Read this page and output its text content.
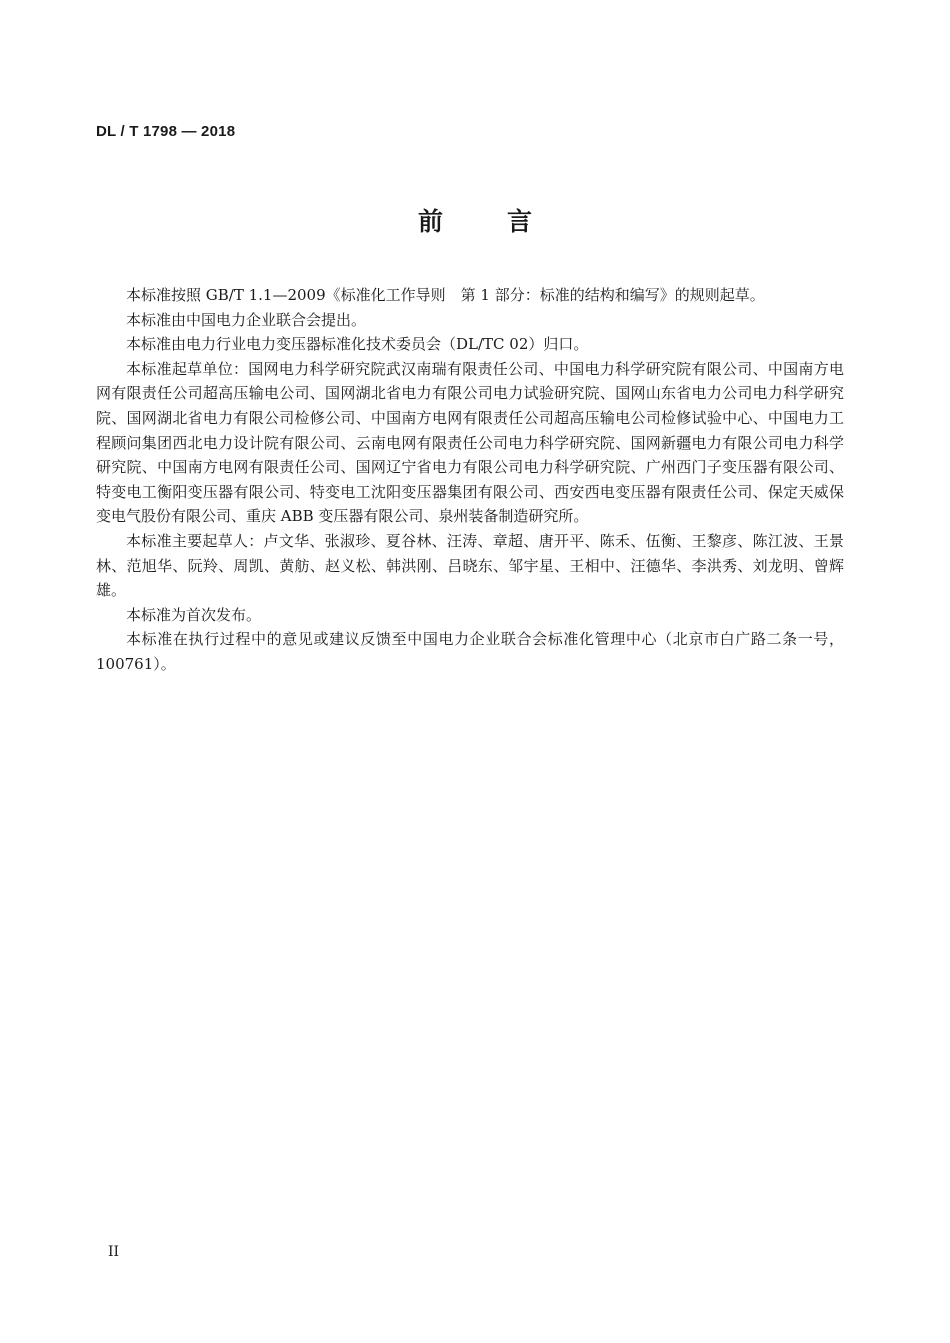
DL / T 1798 — 2018
前	言

本标准按照 GB/T 1.1—2009《标准化工作导则　第 1 部分：标准的结构和编写》的规则起草。

本标准由中国电力企业联合会提出。

本标准由电力行业电力变压器标准化技术委员会（DL/TC 02）归口。

本标准起草单位：国网电力科学研究院武汉南瑞有限责任公司、中国电力科学研究院有限公司、中国南方电网有限责任公司超高压输电公司、国网湖北省电力有限公司电力试验研究院、国网山东省电力公司电力科学研究院、国网湖北省电力有限公司检修公司、中国南方电网有限责任公司超高压输电公司检修试验中心、中国电力工程顾问集团西北电力设计院有限公司、云南电网有限责任公司电力科学研究院、国网新疆电力有限公司电力科学研究院、中国南方电网有限责任公司、国网辽宁省电力有限公司电力科学研究院、广州西门子变压器有限公司、特变电工衡阳变压器有限公司、特变电工沈阳变压器集团有限公司、西安西电变压器有限责任公司、保定天威保变电气股份有限公司、重庆 ABB 变压器有限公司、泉州装备制造研究所。

本标准主要起草人：卢文华、张淑珍、夏谷林、汪涛、章超、唐开平、陈禾、伍衡、王黎彦、陈江波、王景林、范旭华、阮羚、周凯、黄舫、赵义松、韩洪刚、吕晓东、邹宇星、王相中、汪德华、李洪秀、刘龙明、曾辉雄。

本标准为首次发布。

本标准在执行过程中的意见或建议反馈至中国电力企业联合会标准化管理中心（北京市白广路二条一号，100761）。

II
